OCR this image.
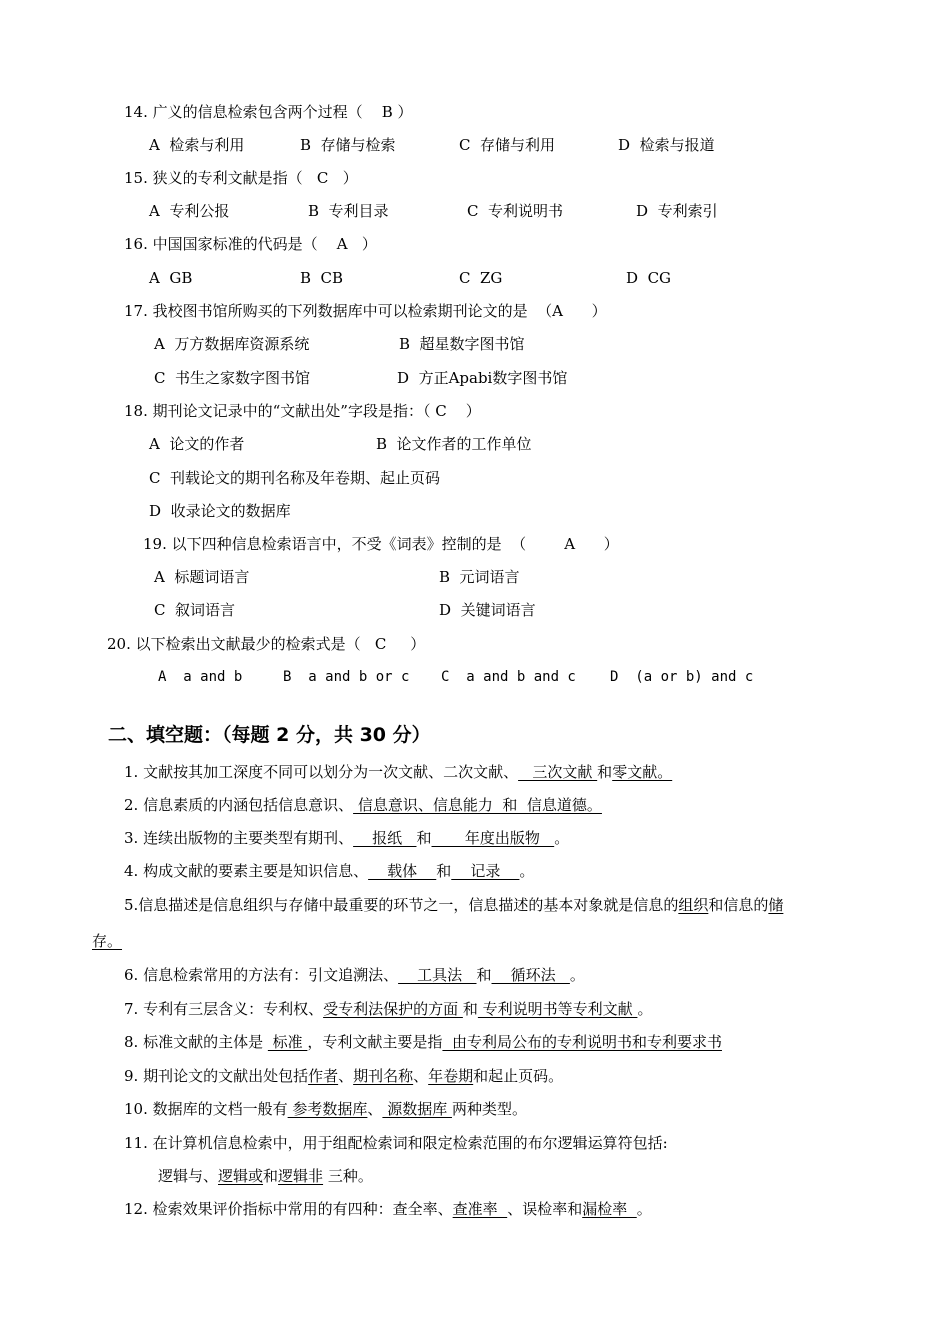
14. 广义的信息检索包含两个过程（    B ）

A  检索与利用

	B  存储与检索

	C  存储与利用

	D  检索与报道

15. 狭义的专利文献是指（   C   ）

A  专利公报

	B  专利目录

	C  专利说明书

	D  专利索引

16. 中国国家标准的代码是（    A   ）

A  GB

	B  CB

	C  ZG

	D  CG

17. 我校图书馆所购买的下列数据库中可以检索期刊论文的是  （A      ）

A  万方数据库资源系统

	B  超星数字图书馆

C  书生之家数字图书馆

	D  方正Apabi数字图书馆

18. 期刊论文记录中的“文献出处”字段是指：（ C    ）

A  论文的作者

	B  论文作者的工作单位

C  刊载论文的期刊名称及年卷期、起止页码

D  收录论文的数据库

19. 以下四种信息检索语言中，不受《词表》控制的是  （        A      ）

A  标题词语言

	B  元词语言

C  叙词语言

	D  关键词语言

20. 以下检索出文献最少的检索式是（   C     ）

A  a and b

	B  a and b or c

C  a and b and c

D  (a or b) and c

二、填空题：（每题 2 分，共 30 分）
1. 文献按其加工深度不同可以划分为一次文献、二次文献、   三次文献 和零文献。
2. 信息素质的内涵包括信息意识、 信息意识、信息能力  和  信息道德。
3. 连续出版物的主要类型有期刊、    报纸   和       年度出版物   。
4. 构成文献的要素主要是知识信息、    载体    和    记录    。
5.信息描述是信息组织与存储中最重要的环节之一，信息描述的基本对象就是信息的组织和信息的储
存。
6. 信息检索常用的方法有：引文追溯法、    工具法   和    循环法   。
7. 专利有三层含义：专利权、受专利法保护的方面 和 专利说明书等专利文献 。
8. 标准文献的主体是  标准 ，专利文献主要是指  由专利局公布的专利说明书和专利要求书
9. 期刊论文的文献出处包括作者、期刊名称、年卷期和起止页码。
10. 数据库的文档一般有 参考数据库、 源数据库 两种类型。
11. 在计算机信息检索中，用于组配检索词和限定检索范围的布尔逻辑运算符包括:
逻辑与、逻辑或和逻辑非 三种。
12. 检索效果评价指标中常用的有四种：查全率、查准率  、误检率和漏检率  。
